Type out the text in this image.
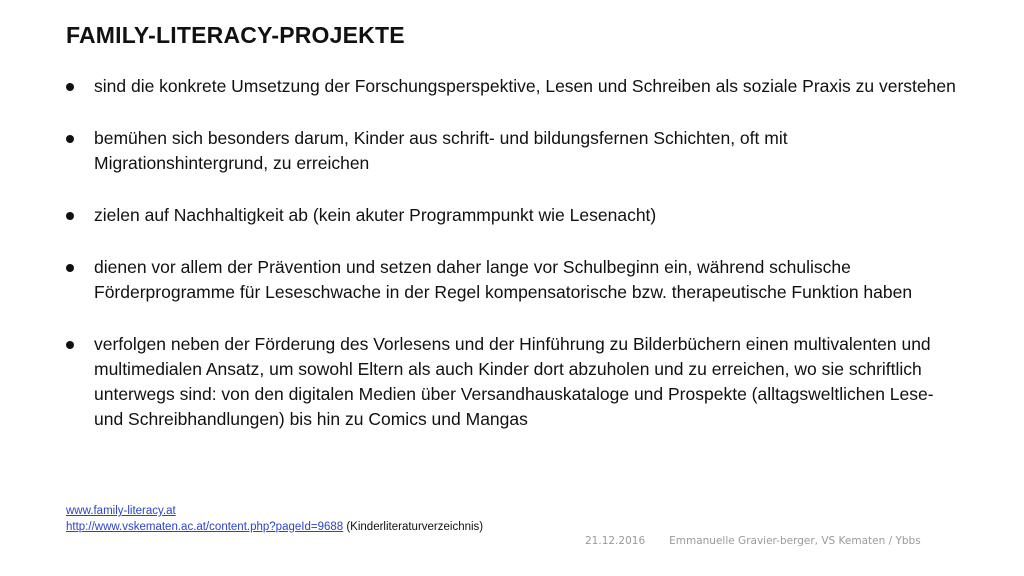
FAMILY-LITERACY-PROJEKTE
sind die konkrete Umsetzung der Forschungsperspektive, Lesen und Schreiben als soziale Praxis zu verstehen
bemühen sich besonders darum, Kinder aus schrift- und bildungsfernen Schichten, oft mit Migrationshintergrund, zu erreichen
zielen auf Nachhaltigkeit ab (kein akuter Programmpunkt wie Lesenacht)
dienen vor allem der Prävention und setzen daher lange vor Schulbeginn ein, während schulische Förderprogramme für Leseschwache in der Regel kompensatorische bzw. therapeutische Funktion haben
verfolgen neben der Förderung des Vorlesens und der Hinführung zu Bilderbüchern einen multivalenten und multimedialen Ansatz, um sowohl Eltern als auch Kinder dort abzuholen und zu erreichen, wo sie schriftlich unterwegs sind: von den digitalen Medien über Versandhauskataloge und Prospekte (alltagsweltlichen Lese- und Schreibhandlungen) bis hin zu Comics und Mangas
www.family-literacy.at
http://www.vskematen.ac.at/content.php?pageId=9688 (Kinderliteraturverzeichnis)
21.12.2016 Emmanuelle Gravier-berger, VS Kematen / Ybbs
